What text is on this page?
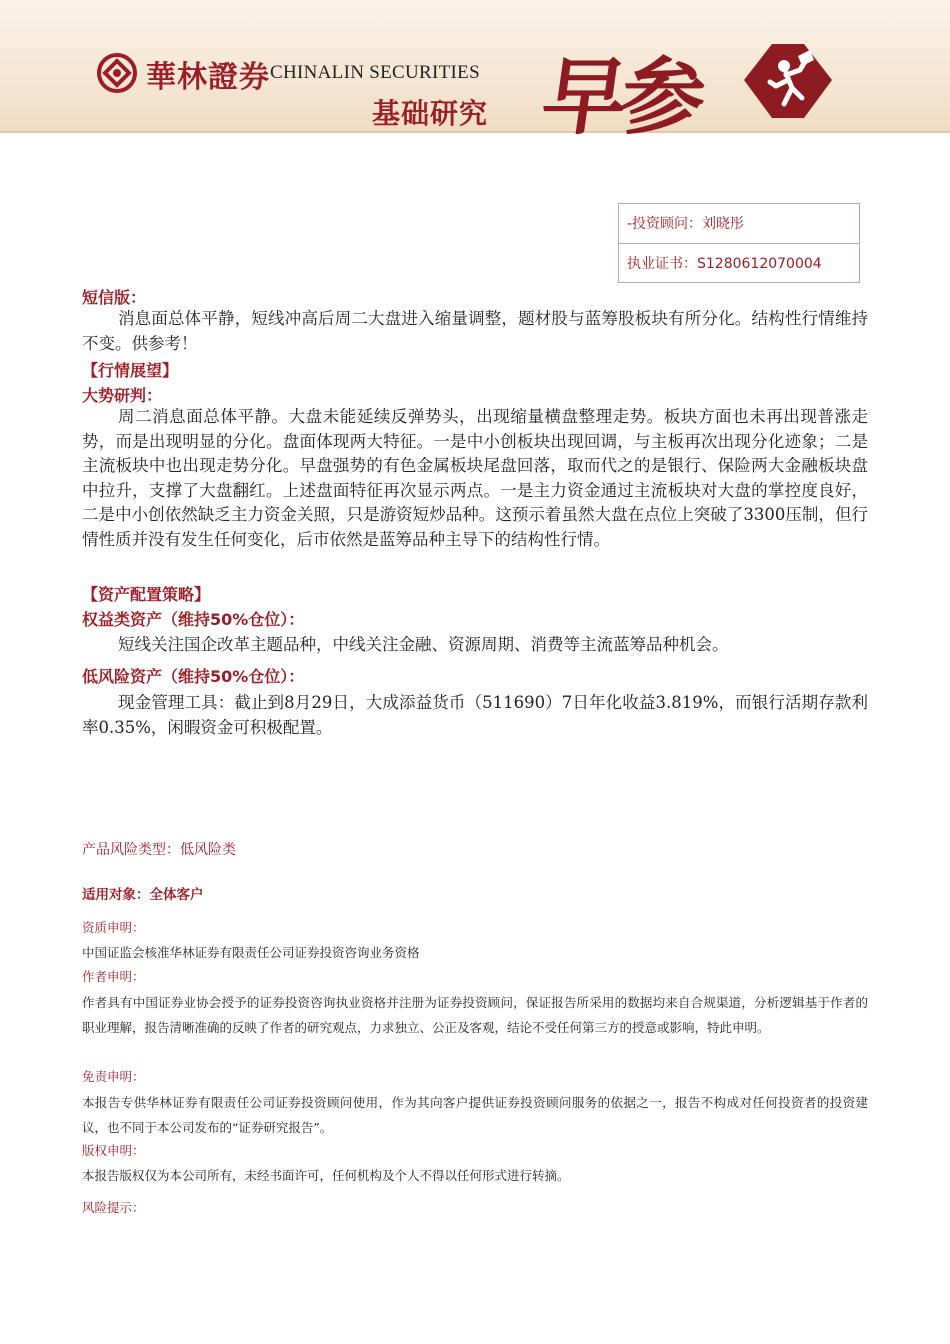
華林證券 CHINALIN SECURITIES
基础研究 早参
-投资顾问：刘晓彤
执业证书：S1280612070004
短信版：
消息面总体平静，短线冲高后周二大盘进入缩量调整，题材股与蓝筹股板块有所分化。结构性行情维持不变。供参考！
【行情展望】
大势研判：
周二消息面总体平静。大盘未能延续反弹势头，出现缩量横盘整理走势。板块方面也未再出现普涨走势，而是出现明显的分化。盘面体现两大特征。一是中小创板块出现回调，与主板再次出现分化迹象；二是主流板块中也出现走势分化。早盘强势的有色金属板块尾盘回落，取而代之的是银行、保险两大金融板块盘中拉升，支撑了大盘翻红。上述盘面特征再次显示两点。一是主力资金通过主流板块对大盘的掌控度良好，二是中小创依然缺乏主力资金关照，只是游资短炒品种。这预示着虽然大盘在点位上突破了3300压制，但行情性质并没有发生任何变化，后市依然是蓝筹品种主导下的结构性行情。
【资产配置策略】
权益类资产（维持50%仓位）：
短线关注国企改革主题品种，中线关注金融、资源周期、消费等主流蓝筹品种机会。
低风险资产（维持50%仓位）：
现金管理工具：截止到8月29日，大成添益货币（511690）7日年化收益3.819%，而银行活期存款利率0.35%，闲暇资金可积极配置。
产品风险类型：低风险类
适用对象：全体客户
资质申明：
中国证监会核准华林证券有限责任公司证券投资咨询业务资格
作者申明：
作者具有中国证券业协会授予的证券投资咨询执业资格并注册为证券投资顾问，保证报告所采用的数据均来自合规渠道，分析逻辑基于作者的职业理解，报告清晰准确的反映了作者的研究观点，力求独立、公正及客观，结论不受任何第三方的授意或影响，特此申明。
免责申明：
本报告专供华林证券有限责任公司证券投资顾问使用，作为其向客户提供证券投资顾问服务的依据之一，报告不构成对任何投资者的投资建议，也不同于本公司发布的“证券研究报告”。
版权申明：
本报告版权仅为本公司所有，未经书面许可，任何机构及个人不得以任何形式进行转摘。
风险提示：
